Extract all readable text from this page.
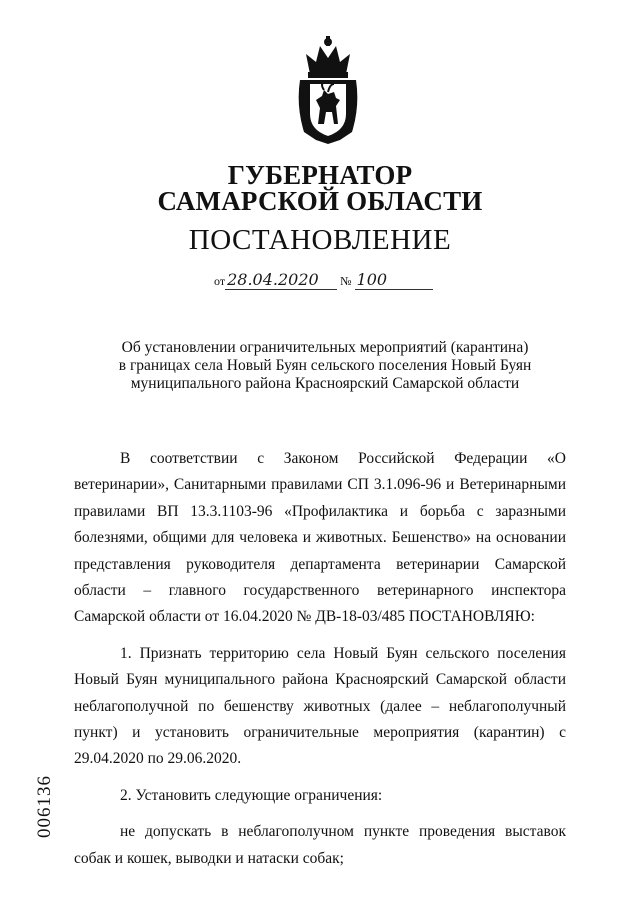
ГУБЕРНАТОР
САМАРСКОЙ ОБЛАСТИ
ПОСТАНОВЛЕНИЕ
от 28.04.2020 № 100
Об установлении ограничительных мероприятий (карантина)
в границах села Новый Буян сельского поселения Новый Буян
муниципального района Красноярский Самарской области

В соответствии с Законом Российской Федерации «О ветеринарии», Санитарными правилами СП 3.1.096-96 и Ветеринарными правилами ВП 13.3.1103-96 «Профилактика и борьба с заразными болезнями, общими для человека и животных. Бешенство» на основании представления руководителя департамента ветеринарии Самарской области – главного государственного ветеринарного инспектора Самарской области от 16.04.2020 № ДВ-18-03/485 ПОСТАНОВЛЯЮ:

1. Признать территорию села Новый Буян сельского поселения Новый Буян муниципального района Красноярский Самарской области неблагополучной по бешенству животных (далее – неблагополучный пункт) и установить ограничительные мероприятия (карантин) с 29.04.2020 по 29.06.2020.

2. Установить следующие ограничения:

не допускать в неблагополучном пункте проведения выставок собак и кошек, выводки и натаски собак;

006136
